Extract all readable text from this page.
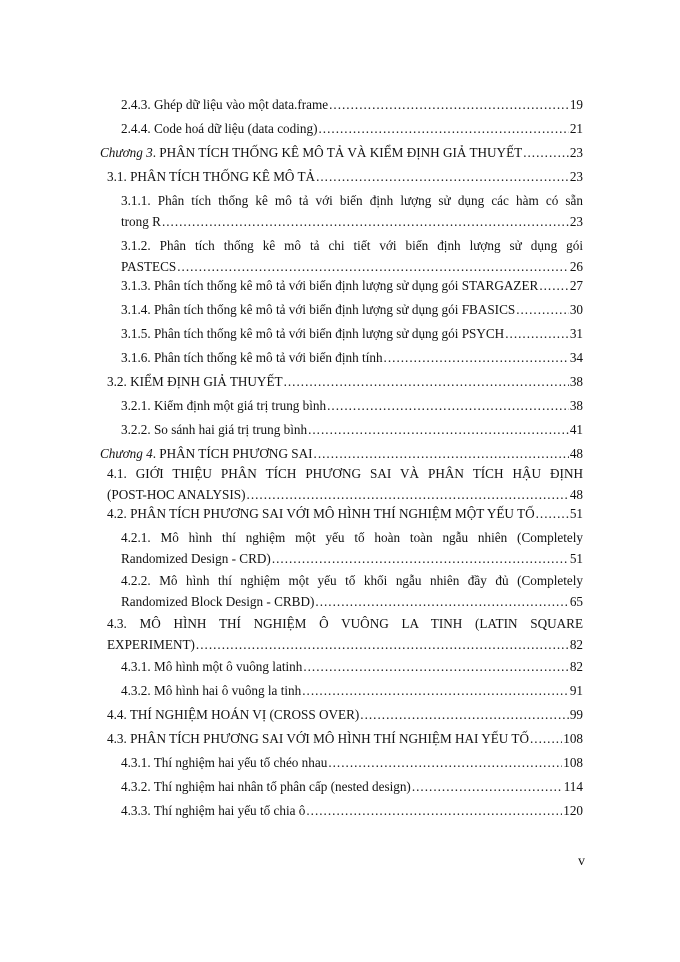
2.4.3. Ghép dữ liệu vào một data.frame .....	19
2.4.4. Code hoá dữ liệu (data coding) .....	21
Chương 3. PHÂN TÍCH THỐNG KÊ MÔ TẢ VÀ KIỂM ĐỊNH GIẢ THUYẾT .....	23
3.1. PHÂN TÍCH THỐNG KÊ MÔ TẢ .....	23
3.1.1. Phân tích thống kê mô tả với biến định lượng sử dụng các hàm có sẵn
trong R .....	23
3.1.2. Phân tích thống kê mô tả chi tiết với biến định lượng sử dụng gói
PASTECS .....	26
3.1.3. Phân tích thống kê mô tả với biến định lượng sử dụng gói STARGAZER ..... 27
3.1.4. Phân tích thống kê mô tả với biến định lượng sử dụng gói FBASICS .....	30
3.1.5. Phân tích thống kê mô tả với biến định lượng sử dụng gói PSYCH .....	31
3.1.6. Phân tích thống kê mô tả với biến định tính .....	34
3.2. KIỂM ĐỊNH GIẢ THUYẾT .....	38
3.2.1. Kiểm định một giá trị trung bình .....	38
3.2.2. So sánh hai giá trị trung bình .....	41
Chương 4. PHÂN TÍCH PHƯƠNG SAI .....	48
4.1. GIỚI THIỆU PHÂN TÍCH PHƯƠNG SAI VÀ PHÂN TÍCH HẬU ĐỊNH
(POST-HOC ANALYSIS) .....	48
4.2. PHÂN TÍCH PHƯƠNG SAI VỚI MÔ HÌNH THÍ NGHIỆM MỘT YẾU TỐ .....	51
4.2.1. Mô hình thí nghiệm một yếu tố hoàn toàn ngẫu nhiên (Completely
Randomized Design - CRD) .....	51
4.2.2. Mô hình thí nghiệm một yếu tố khối ngẫu nhiên đầy đủ (Completely
Randomized Block Design - CRBD) .....	65
4.3. MÔ HÌNH THÍ NGHIỆM Ô VUÔNG LA TINH (LATIN SQUARE
EXPERIMENT) .....	82
4.3.1. Mô hình một ô vuông latinh .....	82
4.3.2. Mô hình hai ô vuông la tinh .....	91
4.4. THÍ NGHIỆM HOÁN VỊ (CROSS OVER) .....	99
4.3. PHÂN TÍCH PHƯƠNG SAI VỚI MÔ HÌNH THÍ NGHIỆM HAI YẾU TỐ .....	108
4.3.1. Thí nghiệm hai yếu tố chéo nhau .....	108
4.3.2. Thí nghiệm hai nhân tố phân cấp (nested design) .....	114
4.3.3. Thí nghiệm hai yếu tố chia ô .....	120
v
